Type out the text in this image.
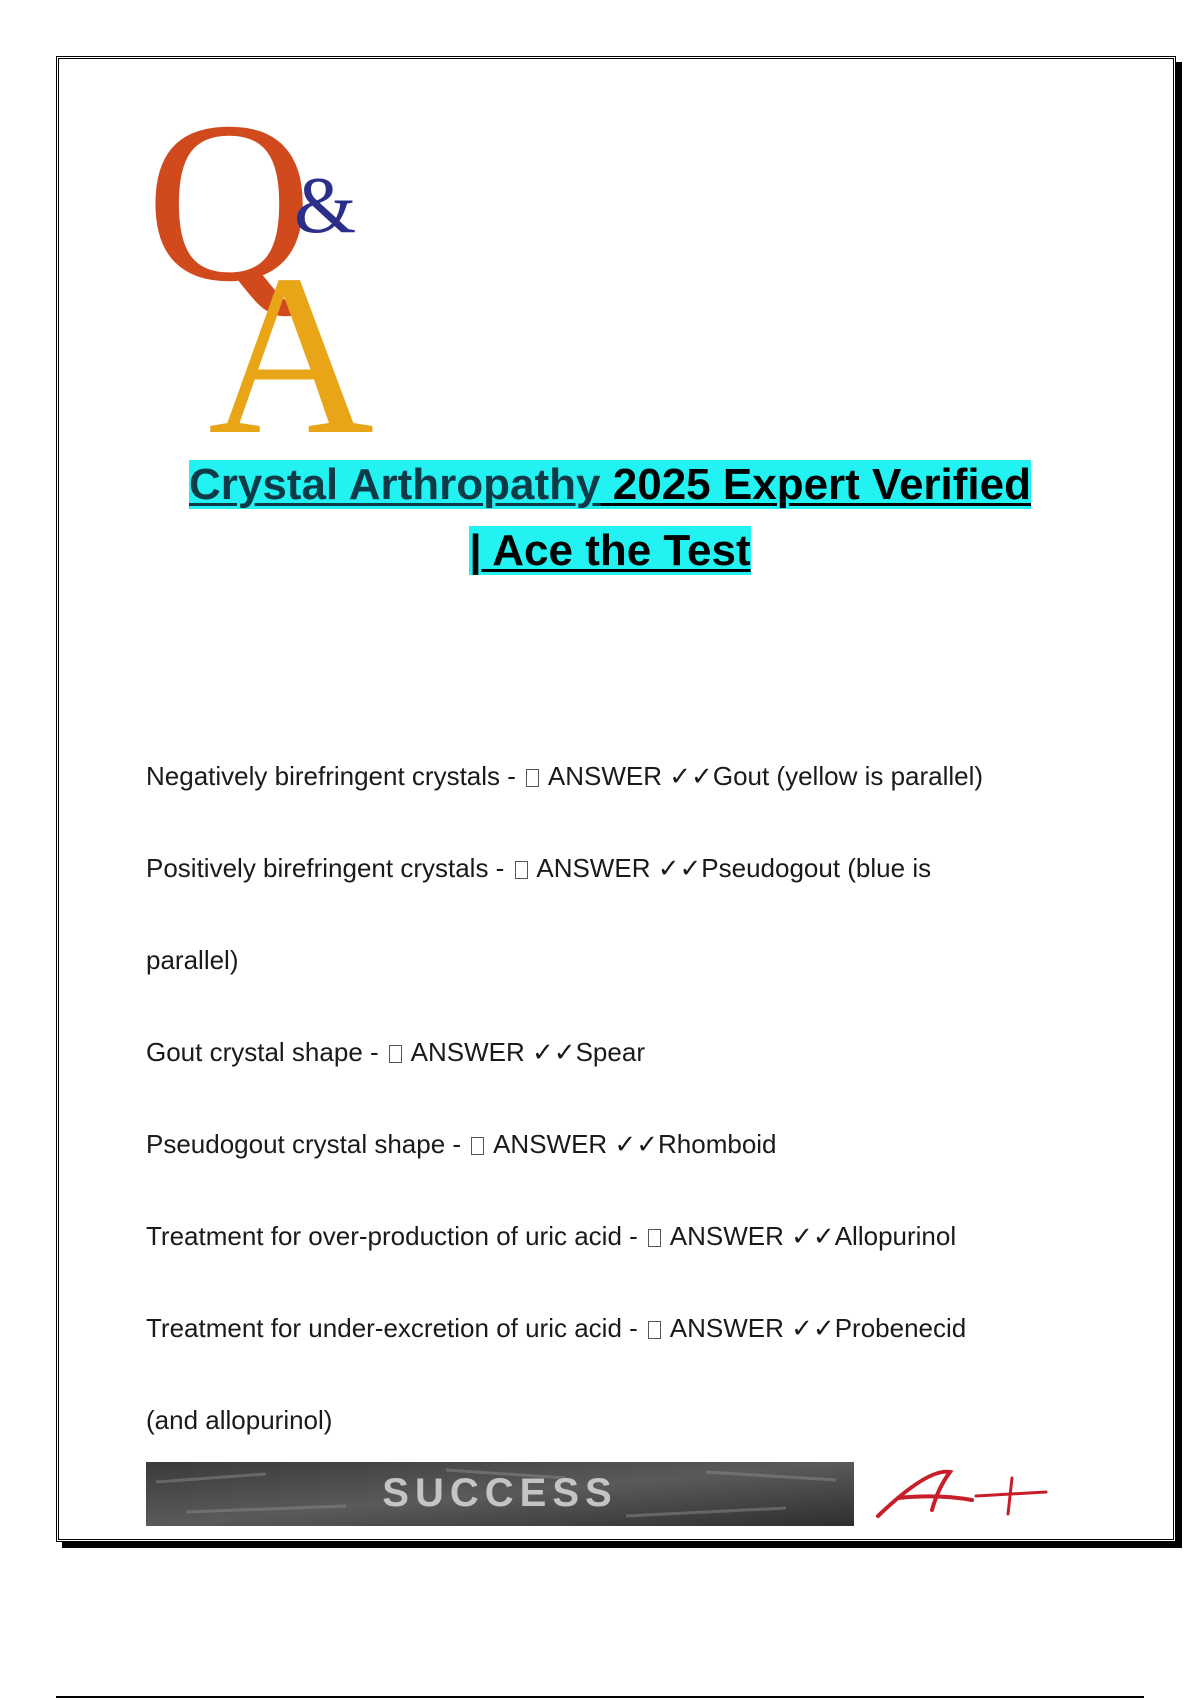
Q
&
A
Crystal Arthropathy 2025 Expert Verified
| Ace the Test
Negatively birefringent crystals -  ANSWER ✓✓Gout (yellow is parallel)
Positively birefringent crystals -  ANSWER ✓✓Pseudogout (blue is
parallel)
Gout crystal shape -  ANSWER ✓✓Spear
Pseudogout crystal shape -  ANSWER ✓✓Rhomboid
Treatment for over-production of uric acid -  ANSWER ✓✓Allopurinol
Treatment for under-excretion of uric acid -  ANSWER ✓✓Probenecid
(and allopurinol)
SUCCESS
A+
